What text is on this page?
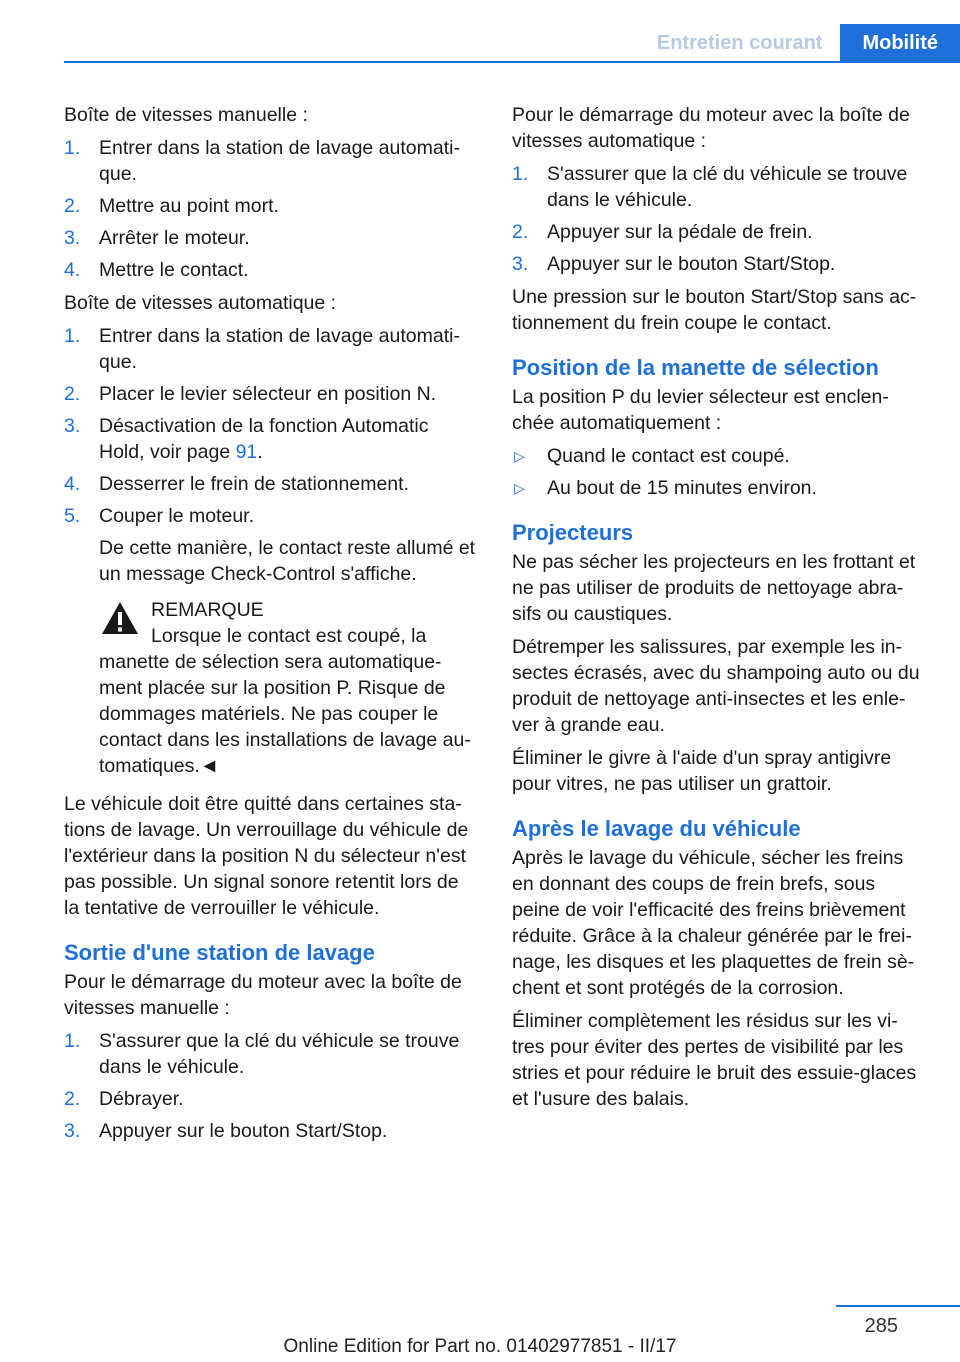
Entretien courant	Mobilité

Boîte de vitesses manuelle :

1. Entrer dans la station de lavage automati‐ que.
2. Mettre au point mort.
3. Arrêter le moteur.
4. Mettre le contact.

Boîte de vitesses automatique :

1. Entrer dans la station de lavage automati‐ que.
2. Placer le levier sélecteur en position N.
3. Désactivation de la fonction Automatic Hold, voir page 91.
4. Desserrer le frein de stationnement.
5. Couper le moteur.
De cette manière, le contact reste allumé et un message Check-Control s'affiche.
REMARQUE
Lorsque le contact est coupé, la manette de sélection sera automatique‐ ment placée sur la position P. Risque de dommages matériels. Ne pas couper le contact dans les installations de lavage au‐ tomatiques.◄

Le véhicule doit être quitté dans certaines sta‐ tions de lavage. Un verrouillage du véhicule de l'extérieur dans la position N du sélecteur n'est pas possible. Un signal sonore retentit lors de la tentative de verrouiller le véhicule.

Sortie d'une station de lavage

Pour le démarrage du moteur avec la boîte de vitesses manuelle :

1. S'assurer que la clé du véhicule se trouve dans le véhicule.
2. Débrayer.
3. Appuyer sur le bouton Start/Stop.

Pour le démarrage du moteur avec la boîte de vitesses automatique :

1. S'assurer que la clé du véhicule se trouve dans le véhicule.
2. Appuyer sur la pédale de frein.
3. Appuyer sur le bouton Start/Stop.

Une pression sur le bouton Start/Stop sans ac‐ tionnement du frein coupe le contact.

Position de la manette de sélection

La position P du levier sélecteur est enclen‐ chée automatiquement :

▷ Quand le contact est coupé.
▷ Au bout de 15 minutes environ.
Projecteurs

Ne pas sécher les projecteurs en les frottant et ne pas utiliser de produits de nettoyage abra‐ sifs ou caustiques.

Détremper les salissures, par exemple les in‐ sectes écrasés, avec du shampoing auto ou du produit de nettoyage anti-insectes et les enle‐ ver à grande eau.

Éliminer le givre à l'aide d'un spray antigivre pour vitres, ne pas utiliser un grattoir.

Après le lavage du véhicule

Après le lavage du véhicule, sécher les freins en donnant des coups de frein brefs, sous peine de voir l'efficacité des freins brièvement réduite. Grâce à la chaleur générée par le frei‐ nage, les disques et les plaquettes de frein sè‐ chent et sont protégés de la corrosion.

Éliminer complètement les résidus sur les vi‐ tres pour éviter des pertes de visibilité par les stries et pour réduire le bruit des essuie-glaces et l'usure des balais.

285
Online Edition for Part no. 01402977851 - II/17
